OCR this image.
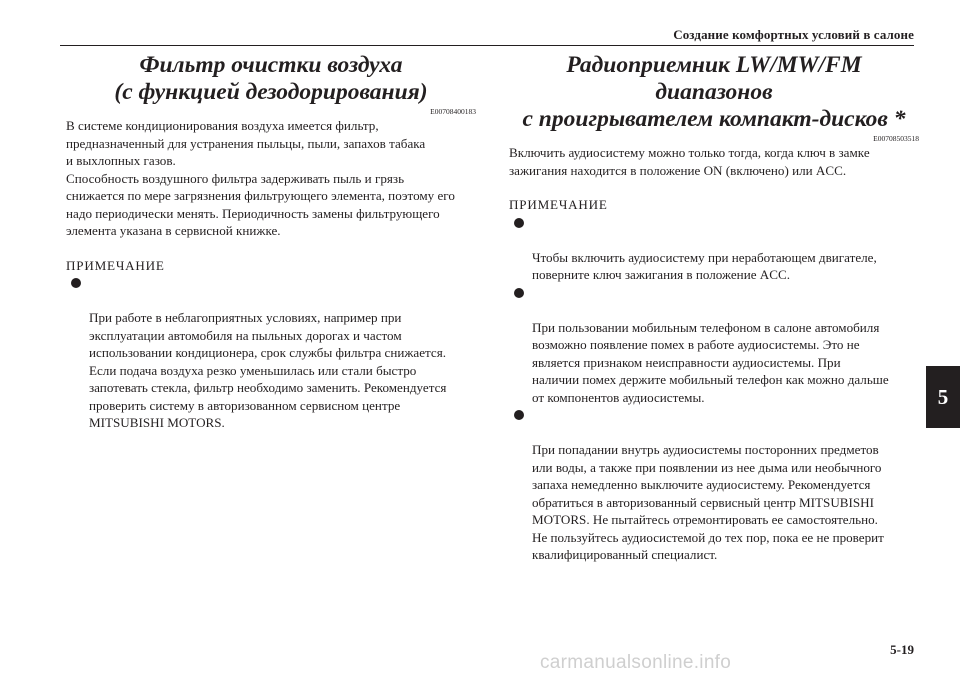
Создание комфортных условий в салоне
Фильтр очистки воздуха
(с функцией дезодорирования)
E00708400183

В системе кондиционирования воздуха имеется фильтр,
предназначенный для устранения пыльцы, пыли, запахов табака
и выхлопных газов.

Способность воздушного фильтра задерживать пыль и грязь
снижается по мере загрязнения фильтрующего элемента, поэтому его
надо периодически менять. Периодичность замены фильтрующего
элемента указана в сервисной книжке.

ПРИМЕЧАНИЕ

При работе в неблагоприятных условиях, например при
эксплуатации автомобиля на пыльных дорогах и частом
использовании кондиционера, срок службы фильтра снижается.
Если подача воздуха резко уменьшилась или стали быстро
запотевать стекла, фильтр необходимо заменить. Рекомендуется
проверить систему в авторизованном сервисном центре
MITSUBISHI MOTORS.

Радиоприемник LW/MW/FM диапазонов
с проигрывателем компакт-дисков *
E00708503518

Включить аудиосистему можно только тогда, когда ключ в замке
зажигания находится в положение ON (включено) или ACC.

ПРИМЕЧАНИЕ

Чтобы включить аудиосистему при неработающем двигателе,
поверните ключ зажигания в положение ACC.

При пользовании мобильным телефоном в салоне автомобиля
возможно появление помех в работе аудиосистемы. Это не
является признаком неисправности аудиосистемы. При
наличии помех держите мобильный телефон как можно дальше
от компонентов аудиосистемы.

При попадании внутрь аудиосистемы посторонних предметов
или воды, а также при появлении из нее дыма или необычного
запаха немедленно выключите аудиосистему. Рекомендуется
обратиться в авторизованный сервисный центр MITSUBISHI
MOTORS. Не пытайтесь отремонтировать ее самостоятельно.
Не пользуйтесь аудиосистемой до тех пор, пока ее не проверит
квалифицированный специалист.

5
5-19
carmanualsonline.info
